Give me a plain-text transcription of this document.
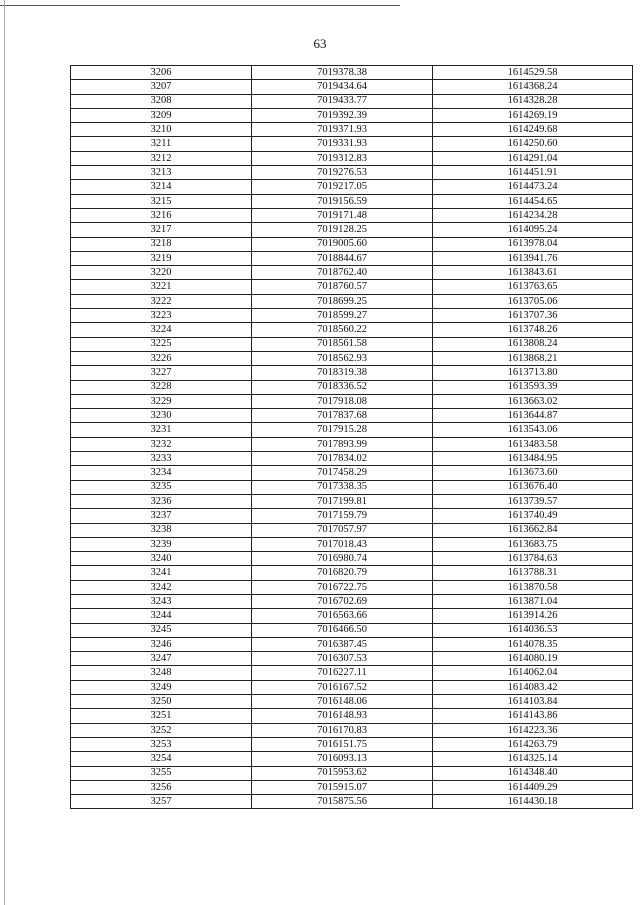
63
3206	7019378.38	1614529.58
3207	7019434.64	1614368.24
3208	7019433.77	1614328.28
3209	7019392.39	1614269.19
3210	7019371.93	1614249.68
3211	7019331.93	1614250.60
3212	7019312.83	1614291.04
3213	7019276.53	1614451.91
3214	7019217.05	1614473.24
3215	7019156.59	1614454.65
3216	7019171.48	1614234.28
3217	7019128.25	1614095.24
3218	7019005.60	1613978.04
3219	7018844.67	1613941.76
3220	7018762.40	1613843.61
3221	7018760.57	1613763.65
3222	7018699.25	1613705.06
3223	7018599.27	1613707.36
3224	7018560.22	1613748.26
3225	7018561.58	1613808.24
3226	7018562.93	1613868.21
3227	7018319.38	1613713.80
3228	7018336.52	1613593.39
3229	7017918.08	1613663.02
3230	7017837.68	1613644.87
3231	7017915.28	1613543.06
3232	7017893.99	1613483.58
3233	7017834.02	1613484.95
3234	7017458.29	1613673.60
3235	7017338.35	1613676.40
3236	7017199.81	1613739.57
3237	7017159.79	1613740.49
3238	7017057.97	1613662.84
3239	7017018.43	1613683.75
3240	7016980.74	1613784.63
3241	7016820.79	1613788.31
3242	7016722.75	1613870.58
3243	7016702.69	1613871.04
3244	7016563.66	1613914.26
3245	7016466.50	1614036.53
3246	7016387.45	1614078.35
3247	7016307.53	1614080.19
3248	7016227.11	1614062.04
3249	7016167.52	1614083.42
3250	7016148.06	1614103.84
3251	7016148.93	1614143.86
3252	7016170.83	1614223.36
3253	7016151.75	1614263.79
3254	7016093.13	1614325.14
3255	7015953.62	1614348.40
3256	7015915.07	1614409.29
3257	7015875.56	1614430.18
